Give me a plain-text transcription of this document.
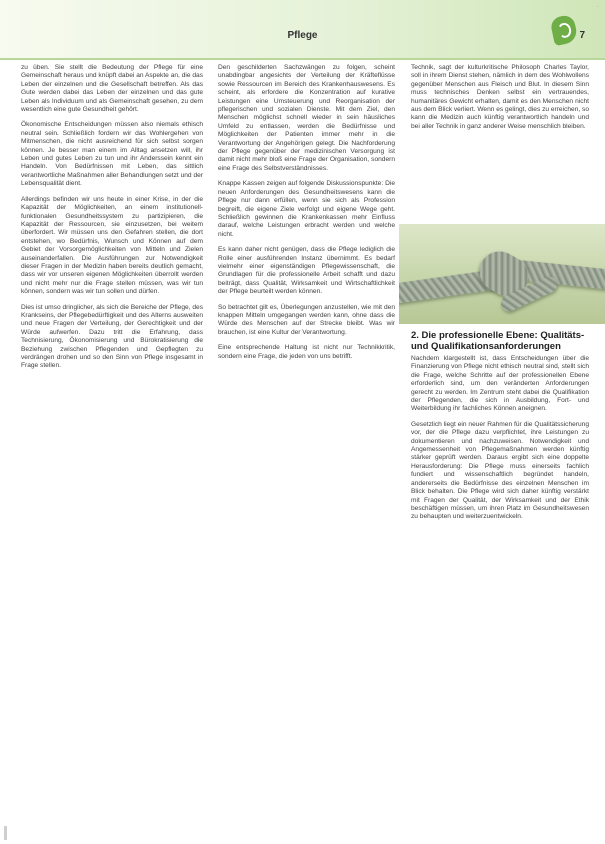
·
Pflege	7

zu üben. Sie stellt die Bedeutung der Pflege für eine Gemeinschaft heraus und knüpft dabei an Aspekte an, die das Leben der einzelnen und die Gesellschaft betreffen. Als das Gute werden dabei das Leben der einzelnen und das gute Leben als Individuum und als Gemeinschaft gesehen, zu dem wesentlich eine gute Gesundheit gehört.

Ökonomische Entscheidungen müssen also niemals ethisch neutral sein. Schließlich fordern wir das Wohlergehen von Mitmenschen, die nicht ausreichend für sich selbst sorgen können. Je besser man einem im Alltag ansetzen will, ihr Leben und gutes Leben zu tun und ihr Anderssein kennt ein Handeln. Von Bedürfnissen mit Leben, das sittlich verantwortliche Maßnahmen aller Behandlungen setzt und der Lebensqualität dient.

Allerdings befinden wir uns heute in einer Krise, in der die Kapazität der Möglichkeiten, an einem institutionell-funktionalen Gesundheitssystem zu partizipieren, die Kapazität der Ressourcen, sie einzusetzen, bei weitem überfordert. Wir müssen uns den Gefahren stellen, die dort entstehen, wo Bedürfnis, Wunsch und Können auf dem Gebiet der Vorsorgemöglichkeiten von Mitteln und Zielen auseinanderfallen. Die Ausführungen zur Notwendigkeit dieser Fragen in der Medizin haben bereits deutlich gemacht, dass wir vor unseren eigenen Möglichkeiten überrollt werden und nicht mehr nur die Frage stellen müssen, was wir tun können, sondern was wir tun sollen und dürfen.

Dies ist umso dringlicher, als sich die Bereiche der Pflege, des Krankseins, der Pflegebedürftigkeit und des Alterns ausweiten und neue Fragen der Verteilung, der Gerechtigkeit und der Würde aufwerfen. Dazu tritt die Erfahrung, dass Technisierung, Ökonomisierung und Bürokratisierung die Beziehung zwischen Pflegenden und Gepflegten zu verdrängen drohen und so den Sinn von Pflege insgesamt in Frage stellen.

Den geschilderten Sachzwängen zu folgen, scheint unabdingbar angesichts der Verteilung der Kräfteflüsse sowie Ressourcen im Bereich des Krankenhauswesens. Es scheint, als erfordere die Konzentration auf kurative Leistungen eine Umsteuerung und Reorganisation der pflegerischen und sozialen Dienste. Mit dem Ziel, den Menschen möglichst schnell wieder in sein häusliches Umfeld zu entlassen, werden die Bedürfnisse und Möglichkeiten der Patienten immer mehr in die Verantwortung der Angehörigen gelegt. Die Nachforderung der Pflege gegenüber der medizinischen Versorgung ist damit nicht mehr bloß eine Frage der Organisation, sondern eine Frage des Selbstverständnisses.

Knappe Kassen zeigen auf folgende Diskussionspunkte: Die neuen Anforderungen des Gesundheitswesens kann die Pflege nur dann erfüllen, wenn sie sich als Profession begreift, die eigene Ziele verfolgt und eigene Wege geht. Schließlich gewinnen die Krankenkassen mehr Einfluss darauf, welche Leistungen erbracht werden und welche nicht.

Es kann daher nicht genügen, dass die Pflege lediglich die Rolle einer ausführenden Instanz übernimmt. Es bedarf vielmehr einer eigenständigen Pflegewissenschaft, die Grundlagen für die professionelle Arbeit schafft und dazu beiträgt, dass Qualität, Wirksamkeit und Wirtschaftlichkeit der Pflege beurteilt werden können.

So betrachtet gilt es, Überlegungen anzustellen, wie mit den knappen Mitteln umgegangen werden kann, ohne dass die Würde des Menschen auf der Strecke bleibt. Was wir brauchen, ist eine Kultur der Verantwortung.

Eine entsprechende Haltung ist nicht nur Technikkritik, sondern eine Frage, die jeden von uns betrifft.

Technik, sagt der kulturkritische Philosoph Charles Taylor, soll in ihrem Dienst stehen, nämlich in dem des Wohlwollens gegenüber Menschen aus Fleisch und Blut. In diesem Sinn muss technisches Denken selbst ein vertrauendes, humanitäres Gewicht erhalten, damit es den Menschen nicht aus dem Blick verliert. Wenn es gelingt, dies zu erreichen, so kann die Medizin auch künftig verantwortlich handeln und bei aller Technik in ganz anderer Weise menschlich bleiben.

2. Die professionelle Ebene: Qualitäts- und Qualifikationsanforderungen

Nachdem klargestellt ist, dass Entscheidungen über die Finanzierung von Pflege nicht ethisch neutral sind, stellt sich die Frage, welche Schritte auf der professionellen Ebene erforderlich sind, um den veränderten Anforderungen gerecht zu werden. Im Zentrum steht dabei die Qualifikation der Pflegenden, die sich in Ausbildung, Fort- und Weiterbildung ihr fachliches Können aneignen.

Gesetzlich liegt ein neuer Rahmen für die Qualitätssicherung vor, der die Pflege dazu verpflichtet, ihre Leistungen zu dokumentieren und nachzuweisen. Notwendigkeit und Angemessenheit von Pflegemaßnahmen werden künftig stärker geprüft werden. Daraus ergibt sich eine doppelte Herausforderung: Die Pflege muss einerseits fachlich fundiert und wissenschaftlich begründet handeln, andererseits die Bedürfnisse des einzelnen Menschen im Blick behalten. Die Pflege wird sich daher künftig verstärkt mit Fragen der Qualität, der Wirksamkeit und der Ethik beschäftigen müssen, um ihren Platz im Gesundheitswesen zu behaupten und weiterzuentwickeln.
